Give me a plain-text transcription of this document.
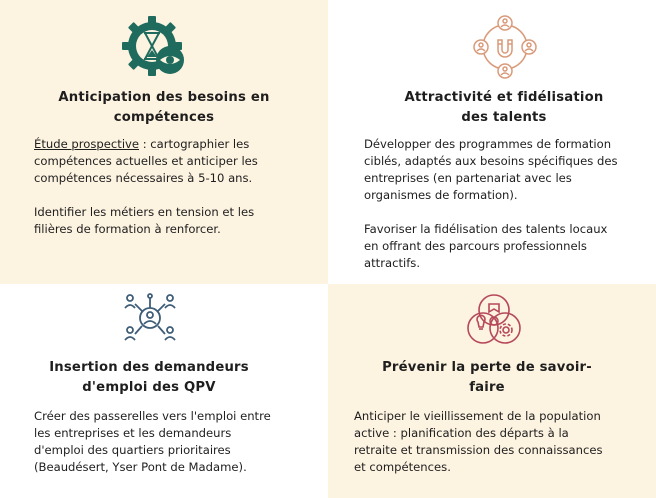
Anticipation des besoins en
compétences

Étude prospective : cartographier les

compétences actuelles et anticiper les

compétences nécessaires à 5-10 ans.

Identifier les métiers en tension et les

filières de formation à renforcer.

Attractivité et fidélisation
des talents

Développer des programmes de formation

ciblés, adaptés aux besoins spécifiques des

entreprises (en partenariat avec les

organismes de formation).

Favoriser la fidélisation des talents locaux

en offrant des parcours professionnels

attractifs.

Insertion des demandeurs
d'emploi des QPV

Créer des passerelles vers l'emploi entre

les entreprises et les demandeurs

d'emploi des quartiers prioritaires

(Beaudésert, Yser Pont de Madame).

Prévenir la perte de savoir-
faire

Anticiper le vieillissement de la population

active : planification des départs à la

retraite et transmission des connaissances

et compétences.
